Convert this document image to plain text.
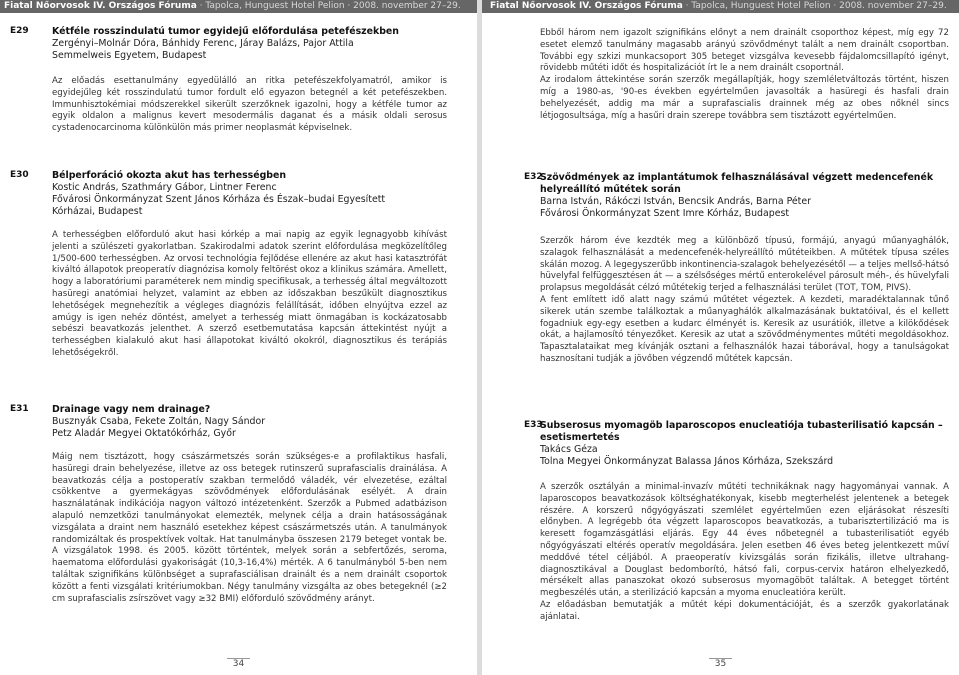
Fiatal Nőorvosok IV. Országos Fóruma · Tapolca, Hunguest Hotel Pelion · 2008. november 27–29.
E29 Kétféle rosszindulatú tumor egyidejű előfordulása petefészekben
Zergényi–Molnár Dóra, Bánhidy Ferenc, Járay Balázs, Pajor Attila
Semmelweis Egyetem, Budapest

Az előadás esettanulmány egyedülálló an ritka petefészekfolyamatról, amikor is egyidejűleg két rosszindulatú tumor fordult elő egyazon betegnél a két petefészekben. Immunhisztokémiai módszerekkel sikerült szerzőknek igazolni, hogy a kétféle tumor az egyik oldalon a malignus kevert mesodermális daganat és a másik oldali serosus cystadenocarcinoma különkülön más primer neoplasmát képviselnek.

E30 Bélperforáció okozta akut has terhességben
Kostic András, Szathmáry Gábor, Lintner Ferenc
Fővárosi Önkormányzat Szent János Kórháza és Észak–budai Egyesített Kórházai, Budapest

A terhességben előforduló akut hasi kórkép a mai napig az egyik legnagyobb kihívást jelenti a szülészeti gyakorlatban. Szakirodalmi adatok szerint előfordulása megközelítőleg 1/500-600 terhességben. Az orvosi technológia fejlődése ellenére az akut hasi katasztrófát kiváltó állapotok preoperatív diagnózisa komoly feltörést okoz a klinikus számára. Amellett, hogy a laboratóriumi paraméterek nem mindig specifikusak, a terhesség által megváltozott hasüregi anatómiai helyzet, valamint az ebben az időszakban beszűkült diagnosztikus lehetőségek megnehezítik a végleges diagnózis felállítását, időben elnyújtva ezzel az amúgy is igen nehéz döntést, amelyet a terhesség miatt önmagában is kockázatosabb sebészi beavatkozás jelenthet. A szerző esetbemutatása kapcsán áttekintést nyújt a terhességben kialakuló akut hasi állapotokat kiváltó okokról, diagnosztikus és terápiás lehetőségekről.

E31 Drainage vagy nem drainage?
Busznyák Csaba, Fekete Zoltán, Nagy Sándor
Petz Aladár Megyei Oktatókórház, Győr

Máig nem tisztázott, hogy császármetszés során szükséges-e a profilaktikus hasfali, hasüregi drain behelyezése, illetve az oss betegek rutinszerű suprafascialis drainálása. A beavatkozás célja a postoperatív szakban termelődő váladék, vér elvezetése, ezáltal csökkentve a gyermekágyas szövődmények előfordulásának esélyét. A drain használatának indikációja nagyon változó intézetenként. Szerzők a Pubmed adatbázison alapuló nemzetközi tanulmányokat elemezték, melynek célja a drain hatásosságának vizsgálata a draint nem használó esetekhez képest császármetszés után. A tanulmányok randomizáltak és prospektívek voltak. Hat tanulmányba összesen 2179 beteget vontak be. A vizsgálatok 1998. és 2005. között történtek, melyek során a sebfertőzés, seroma, haematoma előfordulási gyakoriságát (10,3-16,4%) mérték. A 6 tanulmányból 5-ben nem találtak szignifikáns különbséget a suprafasciálisan drainált és a nem drainált csoportok között a fenti vizsgálati kritériumokban. Négy tanulmány vizsgálta az obes betegeknél (≥2 cm suprafascialis zsírszövet vagy ≥32 BMI) előforduló szövődmény arányt.

34
Fiatal Nőorvosok IV. Országos Fóruma · Tapolca, Hunguest Hotel Pelion · 2008. november 27–29.
Ebből három nem igazolt szignifikáns előnyt a nem drainált csoporthoz képest, míg egy 72 esetet elemző tanulmány magasabb arányú szövődményt talált a nem drainált csoportban. További egy szkizi munkacsoport 305 beteget vizsgálva kevesebb fájdalomcsillapító igényt, rövidebb műtéti időt és hospitalizációt írt le a nem drainált csoportnál.
Az irodalom áttekintése során szerzők megállapítják, hogy szemléletváltozás történt, hiszen míg a 1980-as, '90-es években egyértelműen javasolták a hasüregi és hasfali drain behelyezését, addig ma már a suprafascialis drainnek még az obes nőknél sincs létjogosultsága, míg a hasűri drain szerepe továbbra sem tisztázott egyértelműen.
E32
Szövődmények az implantátumok felhasználásával végzett medencefenék helyreállító műtétek során
Barna István, Rákóczi István, Bencsik András, Barna Péter
Fővárosi Önkormányzat Szent Imre Kórház, Budapest
Szerzők három éve kezdték meg a különböző típusú, formájú, anyagú műanyaghálók, szalagok felhasználását a medencefenék-helyreállító műtéteikben. A műtétek típusa széles skálán mozog. A legegyszerűbb inkontinencia-szalagok behelyezésétől — a teljes mellső-hátsó hüvelyfal felfüggesztésen át — a szélsőséges mértű enterokelével párosult méh-, és hüvelyfali prolapsus megoldását célzó műtétekig terjed a felhasználási terület (TOT, TOM, PIVS).
A fent említett idő alatt nagy számú műtétet végeztek. A kezdeti, maradéktalannak tűnő sikerek után szembe találkoztak a műanyaghálók alkalmazásának buktatóival, és el kellett fogadniuk egy-egy esetben a kudarc élményét is. Keresik az usurátiók, illetve a kilökődések okát, a hajlamosító tényezőket. Keresik az utat a szövődménymentes műtéti megoldásokhoz. Tapasztalataikat meg kívánják osztani a felhasználók hazai táborával, hogy a tanulságokat hasznosítani tudják a jövőben végzendő műtétek kapcsán.
E33
Subserosus myomagöb laparoscopos enucleatiója tubasterilisatió kapcsán – esetismertetés
Takács Géza
Tolna Megyei Önkormányzat Balassa János Kórháza, Szekszárd
A szerzők osztályán a minimal-invazív műtéti technikáknak nagy hagyományai vannak. A laparoscopos beavatkozások költséghatékonyak, kisebb megterhelést jelentenek a betegek részére. A korszerű nőgyógyászati szemlélet egyértelműen ezen eljárásokat részesíti előnyben. A legrégebb óta végzett laparoscopos beavatkozás, a tubarisztertilizáció ma is keresett fogamzásgátlási eljárás. Egy 44 éves nőbetegnél a tubasterilisatiót egyéb nőgyógyászati eltérés operatív megoldására. Jelen esetben 46 éves beteg jelentkezett műví meddővé tétel céljából. A praeoperatív kivizsgálás során fizikális, illetve ultrahang-diagnosztikával a Douglast bedomborító, hátsó fali, corpus-cervix határon elhelyezkedő, mérsékelt allas panaszokat okozó subserosus myomagöböt találtak. A betegget történt megbeszélés után, a sterilizáció kapcsán a myoma enucleatióra került.
Az előadásban bemutatják a műtét képi dokumentációját, és a szerzők gyakorlatának ajánlatai.
35
